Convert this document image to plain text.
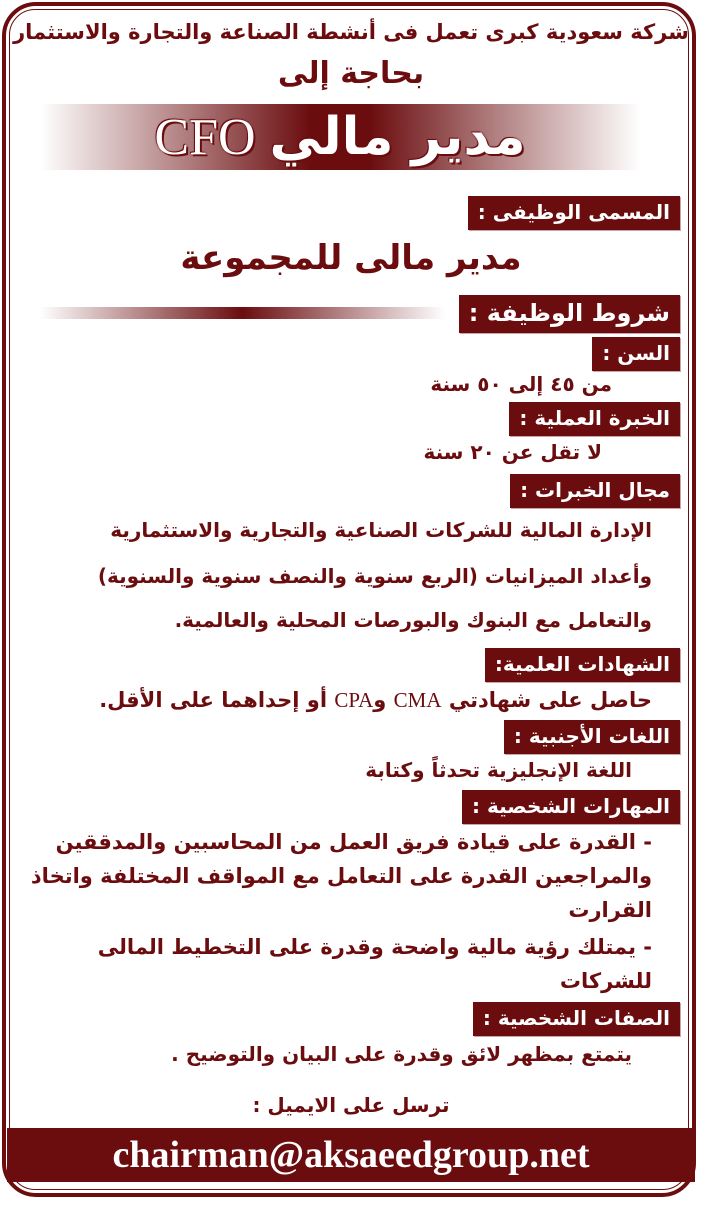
شركة سعودية كبرى تعمل فى أنشطة الصناعة والتجارة والاستثمار
بحاجة إلى
مدير مالي
CFO
المسمى الوظيفى :
مدير مالى للمجموعة
شروط الوظيفة :
السن :
من ٤٥ إلى ٥٠ سنة
الخبرة العملية :
لا تقل عن ٢٠ سنة
مجال الخبرات :
الإدارة المالية للشركات الصناعية والتجارية والاستثمارية
وأعداد الميزانيات (الربع سنوية والنصف سنوية والسنوية)
والتعامل مع البنوك والبورصات المحلية والعالمية.
الشهادات العلمية:
حاصل على شهادتي CMA وCPA أو إحداهما على الأقل.
اللغات الأجنبية :
اللغة الإنجليزية تحدثاً وكتابة
المهارات الشخصية :
- القدرة على قيادة فريق العمل من المحاسبين والمدققين والمراجعين القدرة على التعامل مع المواقف المختلفة واتخاذ القرارت
- يمتلك رؤية مالية واضحة وقدرة على التخطيط المالى للشركات
الصفات الشخصية :
يتمتع بمظهر لائق وقدرة على البيان والتوضيح .
ترسل على الايميل :
chairman@aksaeedgroup.net
